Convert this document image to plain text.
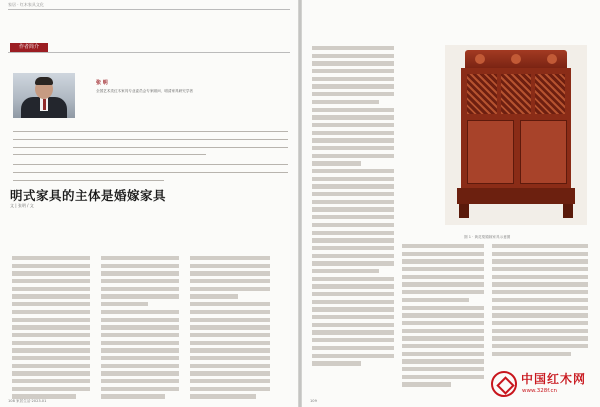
家居 · 红木家具文化
作者简介
张 明
全国艺术类红木家具专业委员会专家顾问、明清家具研究学者
明式家具的主体是婚嫁家具
文 | 张明 / 文
108 家居生活·2023.01
图 1 · 黄花梨婚嫁家具示意图
109
中国红木网
www.328f.cn
